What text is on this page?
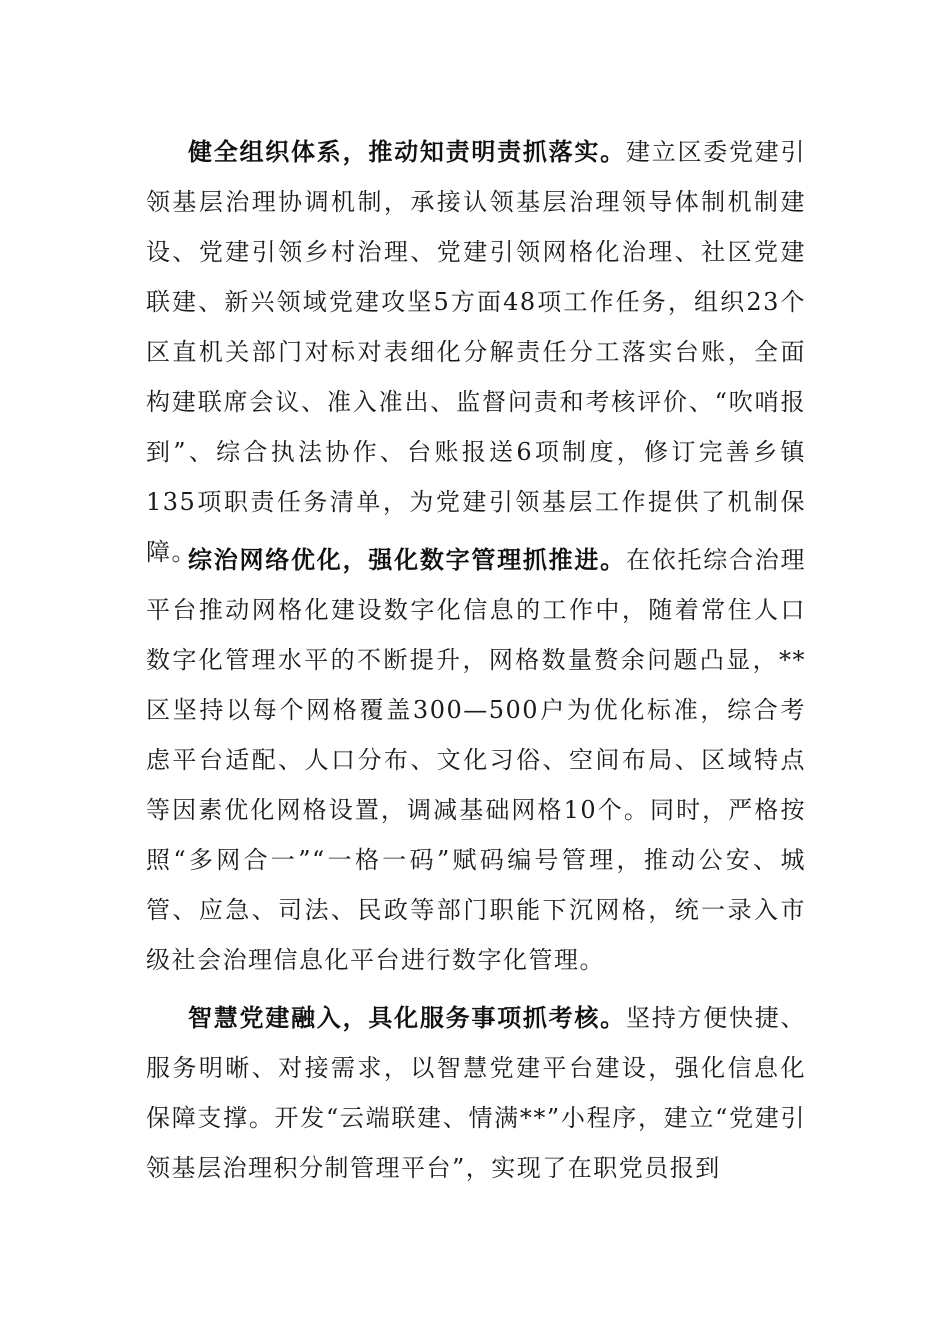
健全组织体系，推动知责明责抓落实。建立区委党建引领基层治理协调机制，承接认领基层治理领导体制机制建设、党建引领乡村治理、党建引领网格化治理、社区党建联建、新兴领域党建攻坚5方面48项工作任务，组织23个区直机关部门对标对表细化分解责任分工落实台账，全面构建联席会议、准入准出、监督问责和考核评价、“吹哨报到”、综合执法协作、台账报送6项制度，修订完善乡镇135项职责任务清单，为党建引领基层工作提供了机制保障。

综治网络优化，强化数字管理抓推进。在依托综合治理平台推动网格化建设数字化信息的工作中，随着常住人口数字化管理水平的不断提升，网格数量赘余问题凸显，**区坚持以每个网格覆盖300—500户为优化标准，综合考虑平台适配、人口分布、文化习俗、空间布局、区域特点等因素优化网格设置，调减基础网格10个。同时，严格按照“多网合一”“一格一码”赋码编号管理，推动公安、城管、应急、司法、民政等部门职能下沉网格，统一录入市级社会治理信息化平台进行数字化管理。

智慧党建融入，具化服务事项抓考核。坚持方便快捷、服务明晰、对接需求，以智慧党建平台建设，强化信息化保障支撑。开发“云端联建、情满**”小程序，建立“党建引领基层治理积分制管理平台”，实现了在职党员报到
